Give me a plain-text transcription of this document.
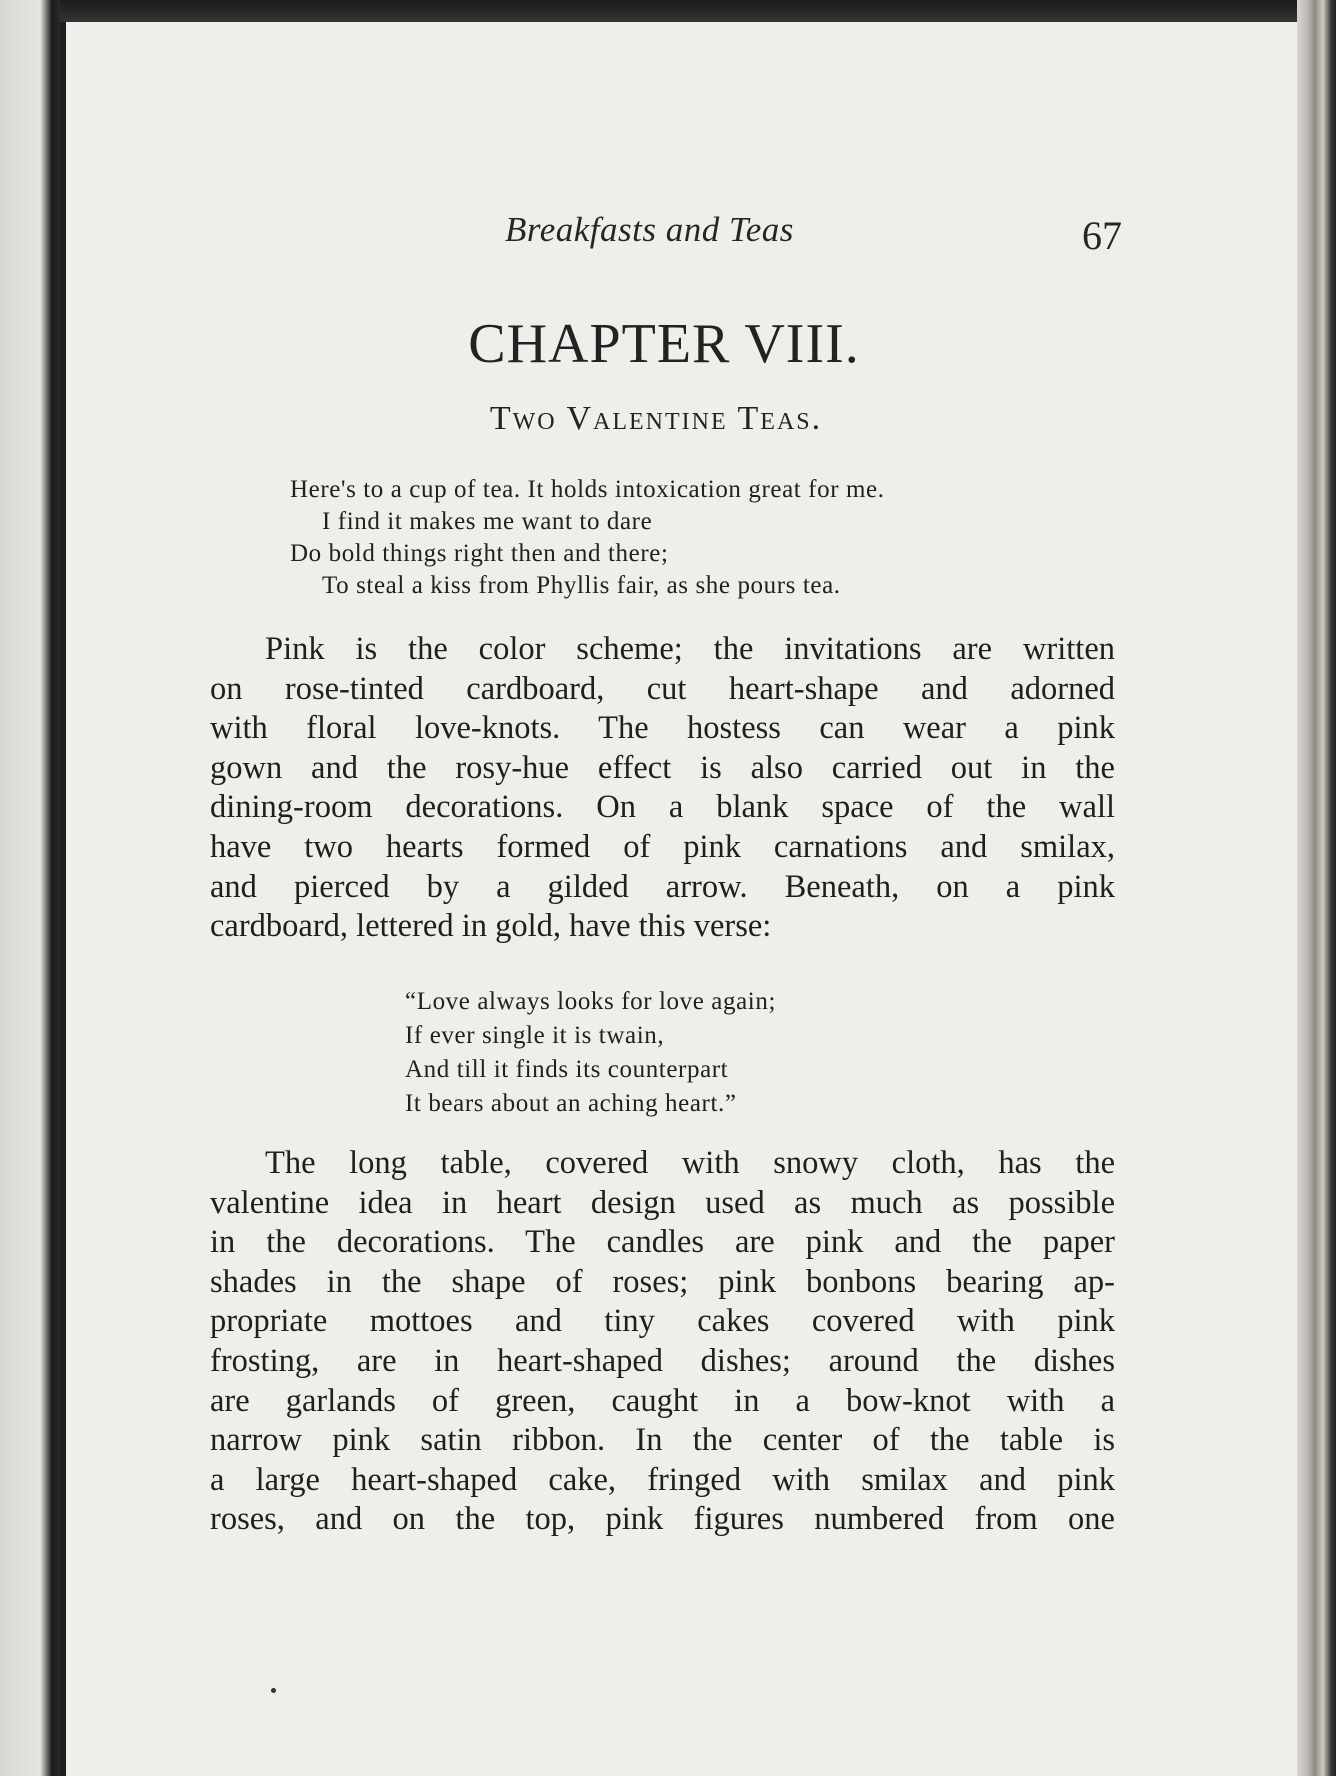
Breakfasts and Teas	67
CHAPTER VIII.
Two Valentine Teas.
Here's to a cup of tea. It holds intoxication great for me.
I find it makes me want to dare
Do bold things right then and there;
To steal a kiss from Phyllis fair, as she pours tea.
Pink is the color scheme; the invitations are written
on rose-tinted cardboard, cut heart-shape and adorned
with floral love-knots. The hostess can wear a pink
gown and the rosy-hue effect is also carried out in the
dining-room decorations. On a blank space of the wall
have two hearts formed of pink carnations and smilax,
and pierced by a gilded arrow. Beneath, on a pink
cardboard, lettered in gold, have this verse:
“Love always looks for love again;
If ever single it is twain,
And till it finds its counterpart
It bears about an aching heart.”
The long table, covered with snowy cloth, has the
valentine idea in heart design used as much as possible
in the decorations. The candles are pink and the paper
shades in the shape of roses; pink bonbons bearing ap-
propriate mottoes and tiny cakes covered with pink
frosting, are in heart-shaped dishes; around the dishes
are garlands of green, caught in a bow-knot with a
narrow pink satin ribbon. In the center of the table is
a large heart-shaped cake, fringed with smilax and pink
roses, and on the top, pink figures numbered from one
